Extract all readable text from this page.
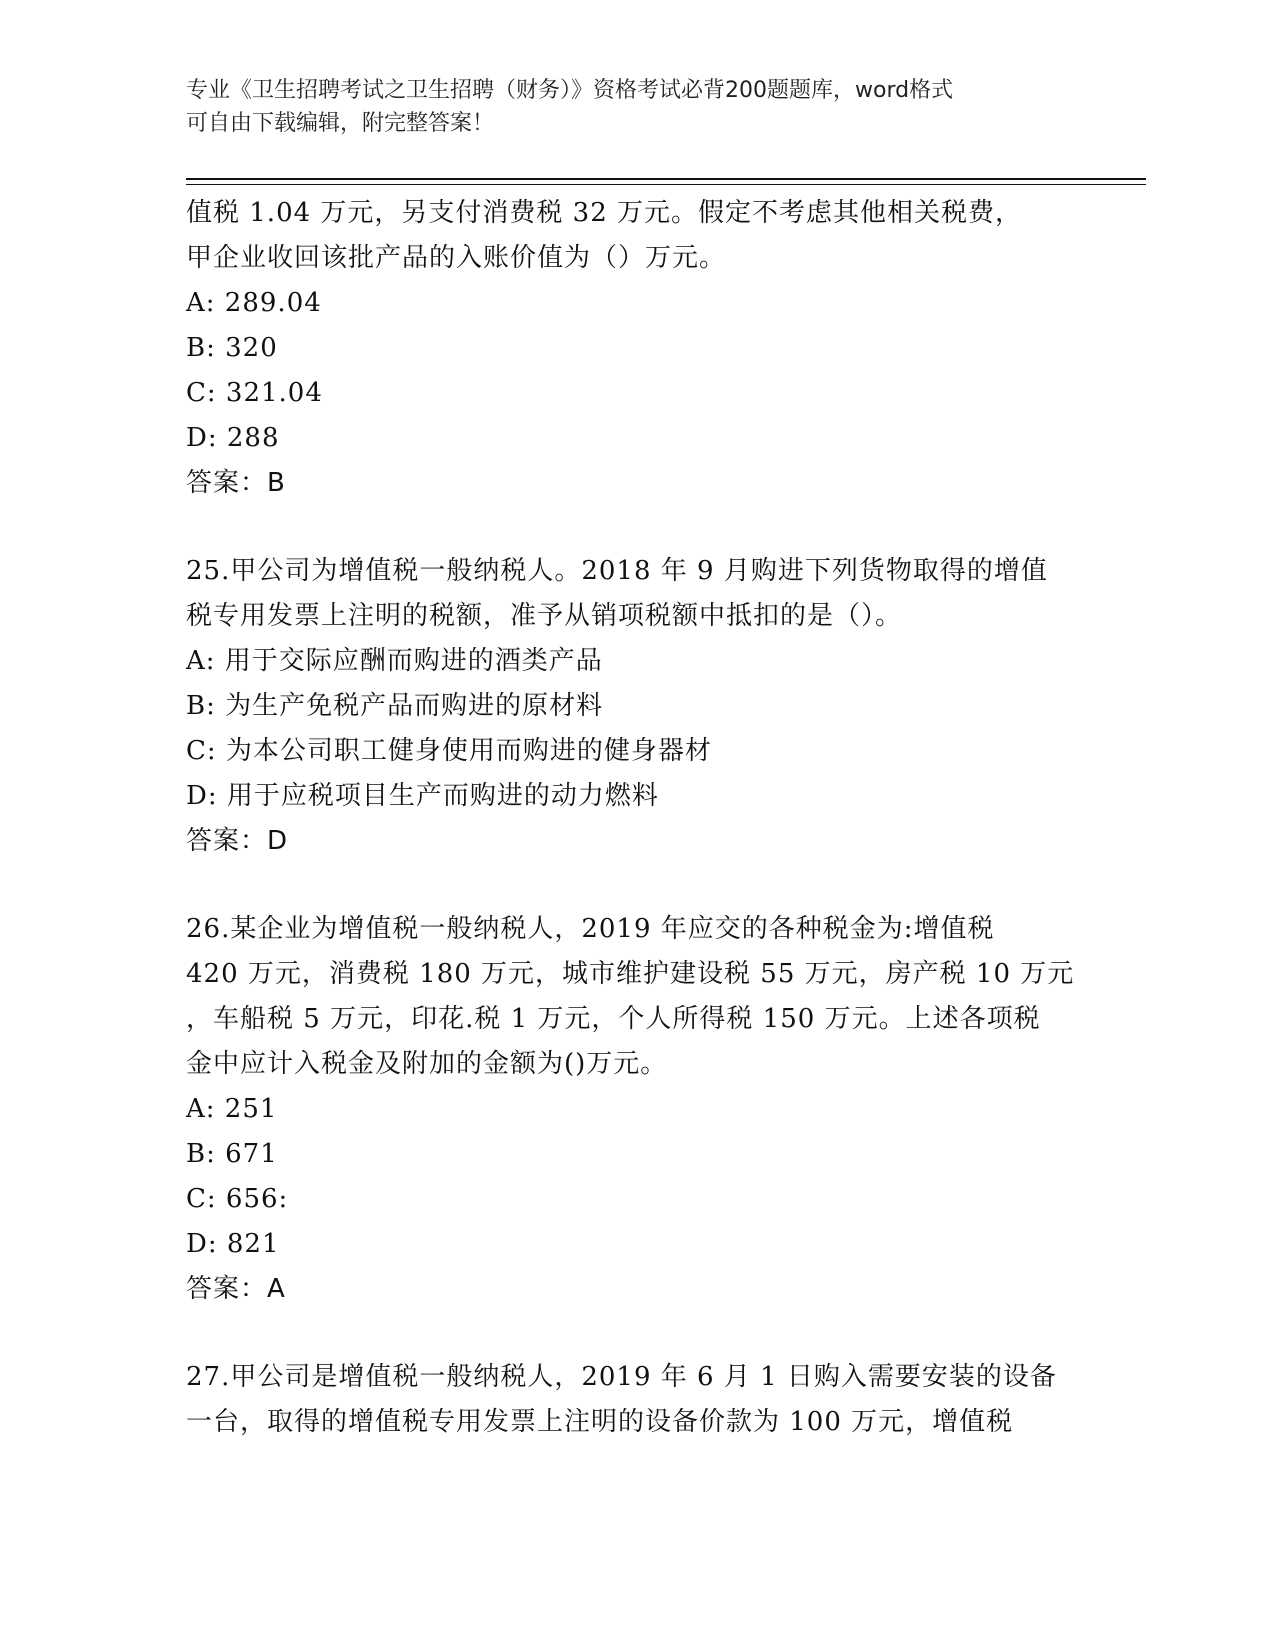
专业《卫生招聘考试之卫生招聘（财务）》资格考试必背200题题库，word格式
可自由下载编辑，附完整答案！
值税 1.04 万元，另支付消费税 32 万元。假定不考虑其他相关税费，
甲企业收回该批产品的入账价值为（）万元。
A: 289.04
B: 320
C: 321.04
D: 288
答案：B
25.甲公司为增值税一般纳税人。2018 年 9 月购进下列货物取得的增值
税专用发票上注明的税额，准予从销项税额中抵扣的是（）。
A: 用于交际应酬而购进的酒类产品
B: 为生产免税产品而购进的原材料
C: 为本公司职工健身使用而购进的健身器材
D: 用于应税项目生产而购进的动力燃料
答案：D
26.某企业为增值税一般纳税人，2019 年应交的各种税金为:增值税
420 万元，消费税 180 万元，城市维护建设税 55 万元，房产税 10 万元
，车船税 5 万元，印花.税 1 万元，个人所得税 150 万元。上述各项税
金中应计入税金及附加的金额为()万元。
A: 251
B: 671
C: 656:
D: 821
答案：A
27.甲公司是增值税一般纳税人，2019 年 6 月 1 日购入需要安装的设备
一台，取得的增值税专用发票上注明的设备价款为 100 万元，增值税
